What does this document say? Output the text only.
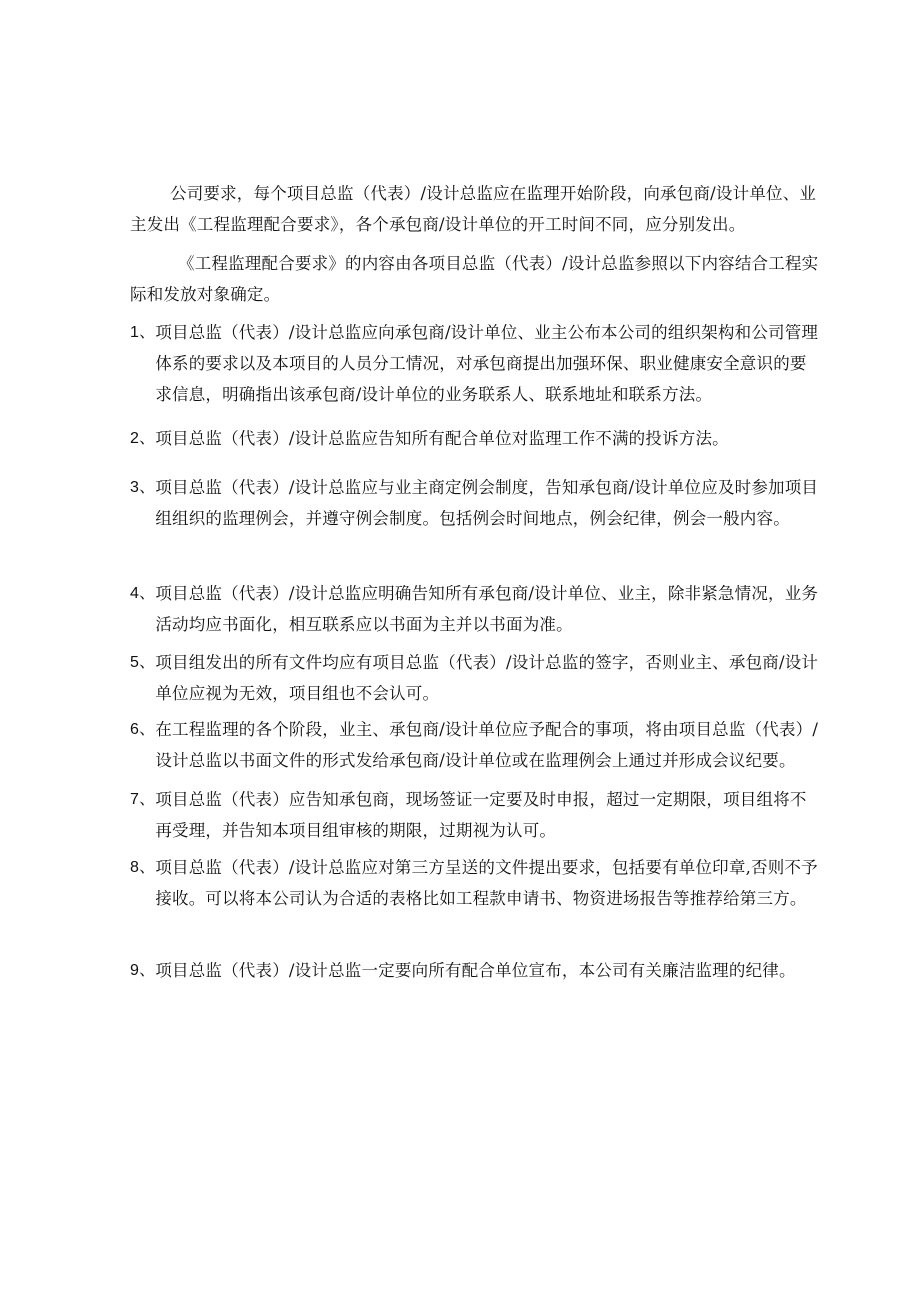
公司要求，每个项目总监（代表）/设计总监应在监理开始阶段，向承包商/设计单位、业主发出《工程监理配合要求》，各个承包商/设计单位的开工时间不同，应分别发出。

《工程监理配合要求》的内容由各项目总监（代表）/设计总监参照以下内容结合工程实际和发放对象确定。

1、 项目总监（代表）/设计总监应向承包商/设计单位、业主公布本公司的组织架构和公司管理体系的要求以及本项目的人员分工情况，对承包商提出加强环保、职业健康安全意识的要求信息，明确指出该承包商/设计单位的业务联系人、联系地址和联系方法。
2、 项目总监（代表）/设计总监应告知所有配合单位对监理工作不满的投诉方法。
3、 项目总监（代表）/设计总监应与业主商定例会制度，告知承包商/设计单位应及时参加项目组组织的监理例会，并遵守例会制度。包括例会时间地点，例会纪律，例会一般内容。
4、 项目总监（代表）/设计总监应明确告知所有承包商/设计单位、业主，除非紧急情况，业务活动均应书面化，相互联系应以书面为主并以书面为准。
5、 项目组发出的所有文件均应有项目总监（代表）/设计总监的签字，否则业主、承包商/设计单位应视为无效，项目组也不会认可。
6、 在工程监理的各个阶段，业主、承包商/设计单位应予配合的事项，将由项目总监（代表）/设计总监以书面文件的形式发给承包商/设计单位或在监理例会上通过并形成会议纪要。
7、 项目总监（代表）应告知承包商，现场签证一定要及时申报，超过一定期限，项目组将不再受理，并告知本项目组审核的期限，过期视为认可。
8、 项目总监（代表）/设计总监应对第三方呈送的文件提出要求，包括要有单位印章,否则不予接收。可以将本公司认为合适的表格比如工程款申请书、物资进场报告等推荐给第三方。
9、 项目总监（代表）/设计总监一定要向所有配合单位宣布，本公司有关廉洁监理的纪律。
